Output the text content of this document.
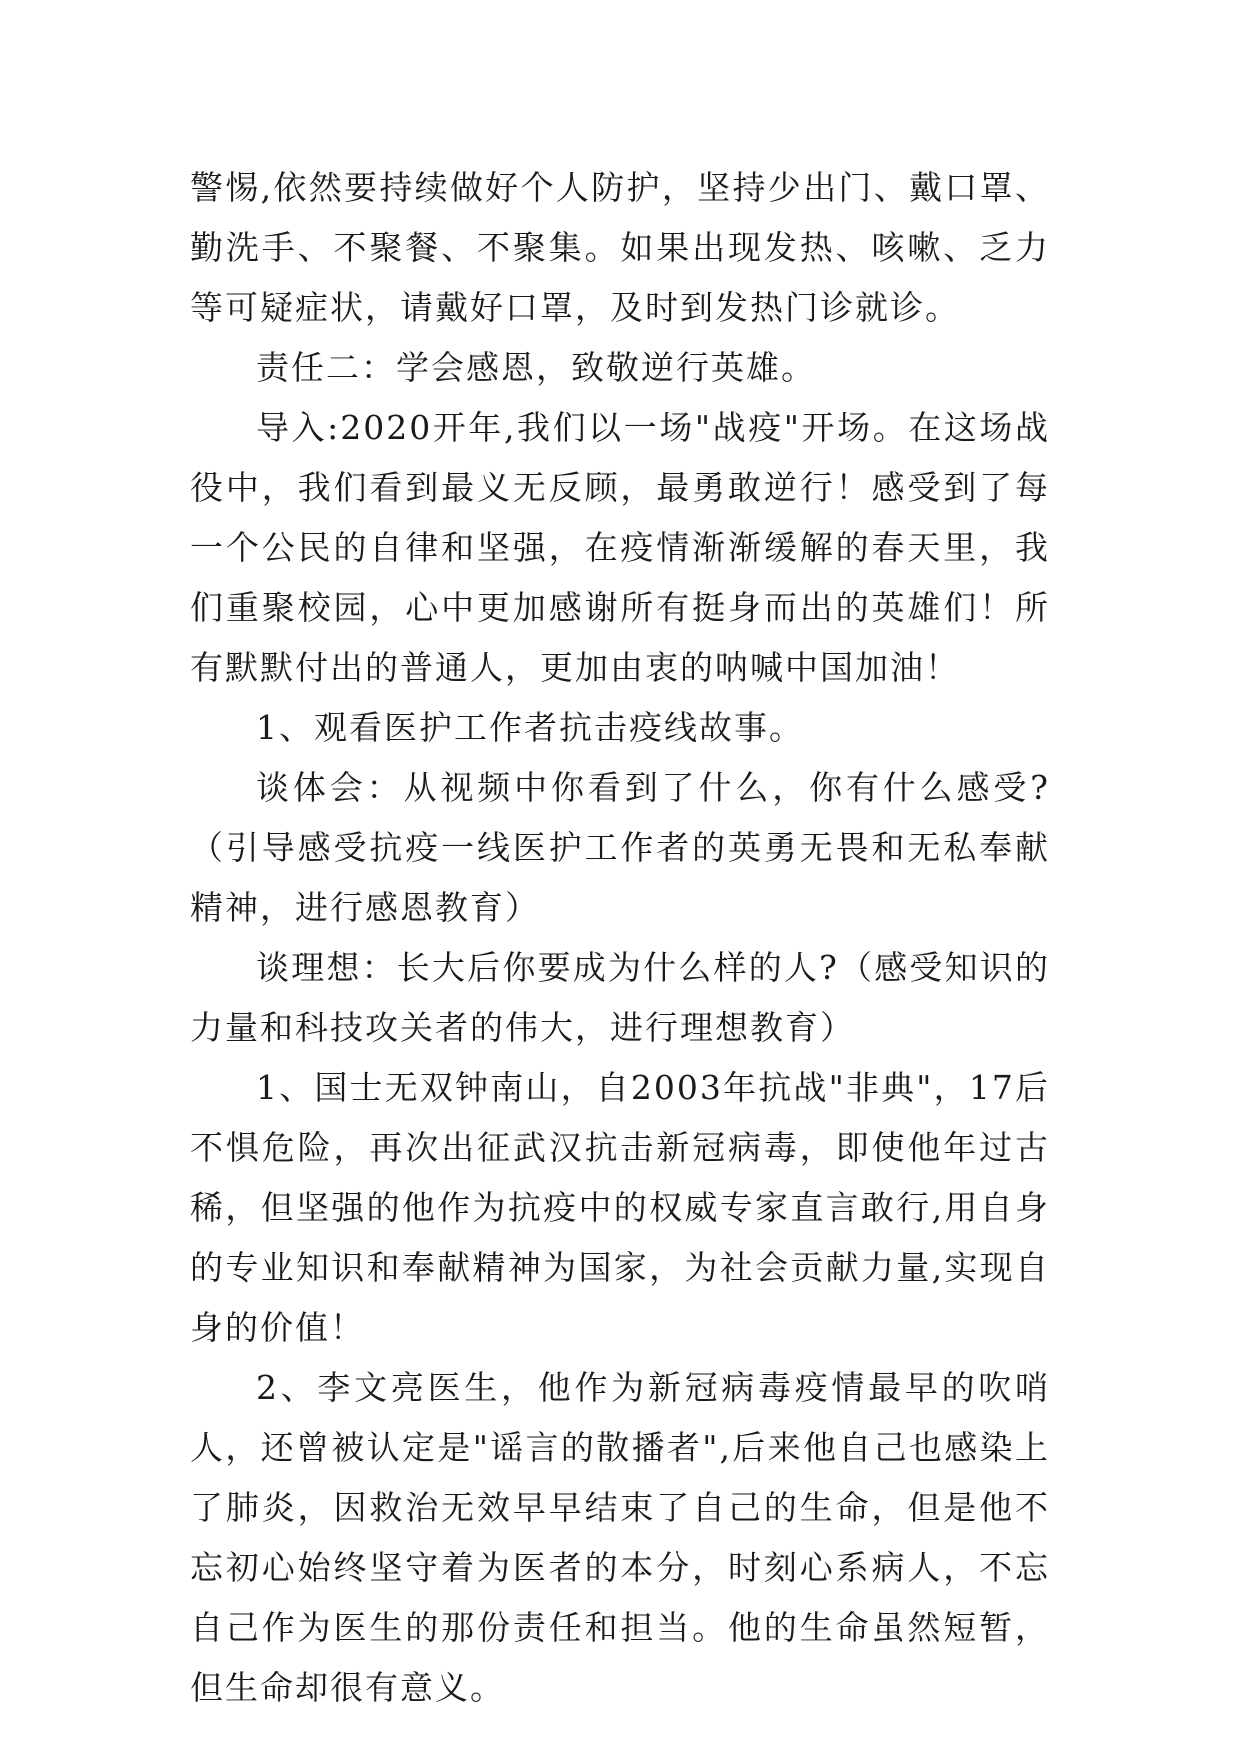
警惕,依然要持续做好个人防护，坚持少出门、戴口罩、勤洗手、不聚餐、不聚集。如果出现发热、咳嗽、乏力等可疑症状，请戴好口罩，及时到发热门诊就诊。

责任二：学会感恩，致敬逆行英雄。

导入:2020开年,我们以一场"战疫"开场。在这场战役中，我们看到最义无反顾，最勇敢逆行！感受到了每一个公民的自律和坚强，在疫情渐渐缓解的春天里，我们重聚校园，心中更加感谢所有挺身而出的英雄们！所有默默付出的普通人，更加由衷的呐喊中国加油！

1、观看医护工作者抗击疫线故事。

谈体会：从视频中你看到了什么，你有什么感受?（引导感受抗疫一线医护工作者的英勇无畏和无私奉献精神，进行感恩教育）

谈理想：长大后你要成为什么样的人?（感受知识的力量和科技攻关者的伟大，进行理想教育）

1、国士无双钟南山，自2003年抗战"非典"，17后不惧危险，再次出征武汉抗击新冠病毒，即使他年过古稀，但坚强的他作为抗疫中的权威专家直言敢行,用自身的专业知识和奉献精神为国家，为社会贡献力量,实现自身的价值！

2、李文亮医生，他作为新冠病毒疫情最早的吹哨人，还曾被认定是"谣言的散播者",后来他自己也感染上了肺炎，因救治无效早早结束了自己的生命，但是他不忘初心始终坚守着为医者的本分，时刻心系病人，不忘自己作为医生的那份责任和担当。他的生命虽然短暂，但生命却很有意义。
